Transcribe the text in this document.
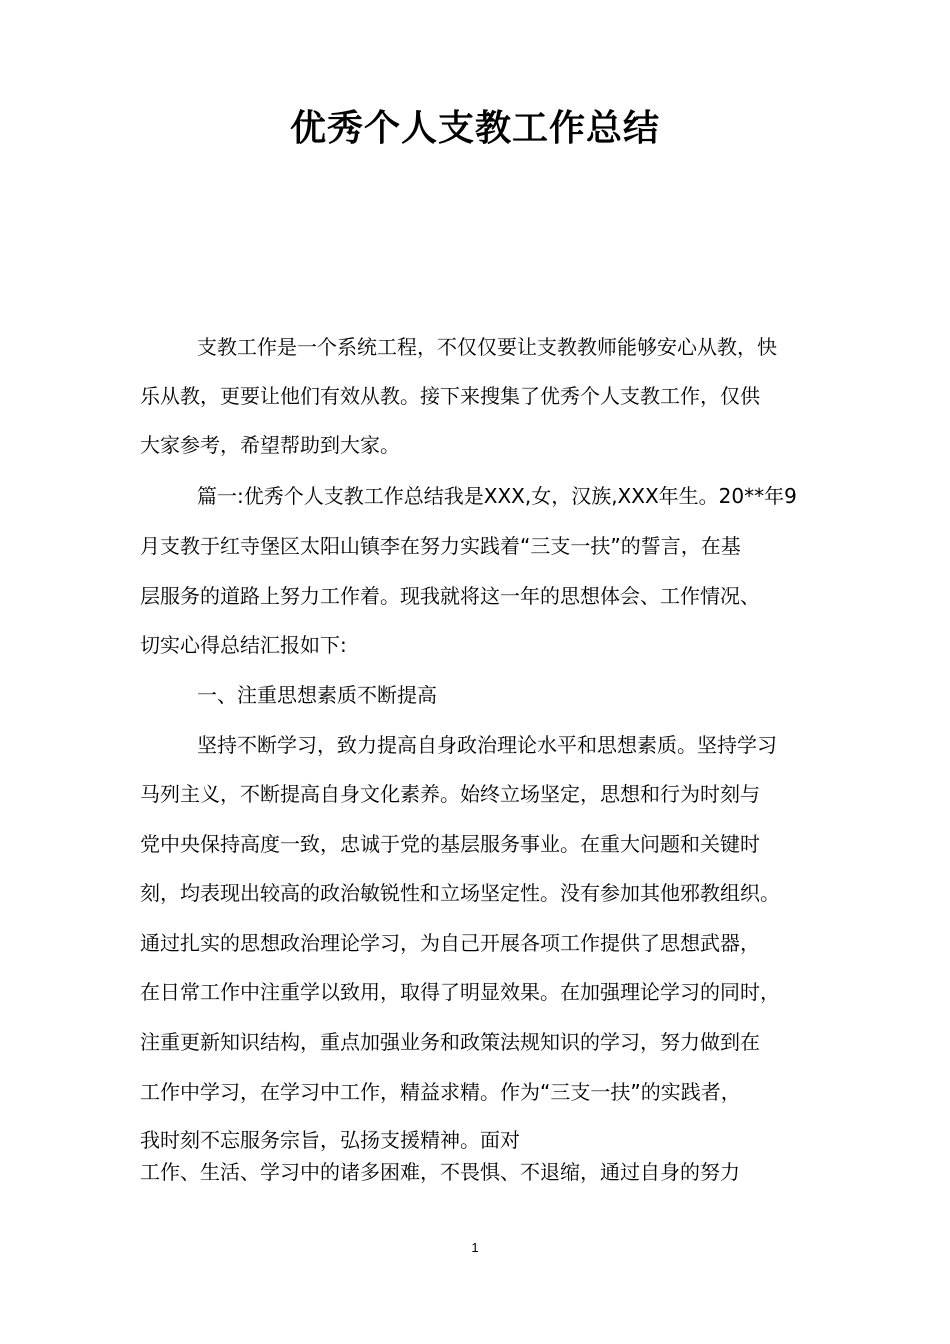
优秀个人支教工作总结
支教工作是一个系统工程，不仅仅要让支教教师能够安心从教，快
乐从教，更要让他们有效从教。接下来搜集了优秀个人支教工作，仅供
大家参考，希望帮助到大家。
篇一:优秀个人支教工作总结我是XXX,女，汉族,XXX年生。20**年9
月支教于红寺堡区太阳山镇李在努力实践着“三支一扶”的誓言，在基
层服务的道路上努力工作着。现我就将这一年的思想体会、工作情况、
切实心得总结汇报如下:
一、注重思想素质不断提高
坚持不断学习，致力提高自身政治理论水平和思想素质。坚持学习
马列主义，不断提高自身文化素养。始终立场坚定，思想和行为时刻与
党中央保持高度一致，忠诚于党的基层服务事业。在重大问题和关键时
刻，均表现出较高的政治敏锐性和立场坚定性。没有参加其他邪教组织。
通过扎实的思想政治理论学习，为自己开展各项工作提供了思想武器，
在日常工作中注重学以致用，取得了明显效果。在加强理论学习的同时，
注重更新知识结构，重点加强业务和政策法规知识的学习，努力做到在
工作中学习，在学习中工作，精益求精。作为“三支一扶”的实践者，
我时刻不忘服务宗旨，弘扬支援精神。面对
工作、生活、学习中的诸多困难，不畏惧、不退缩，通过自身的努力
1
